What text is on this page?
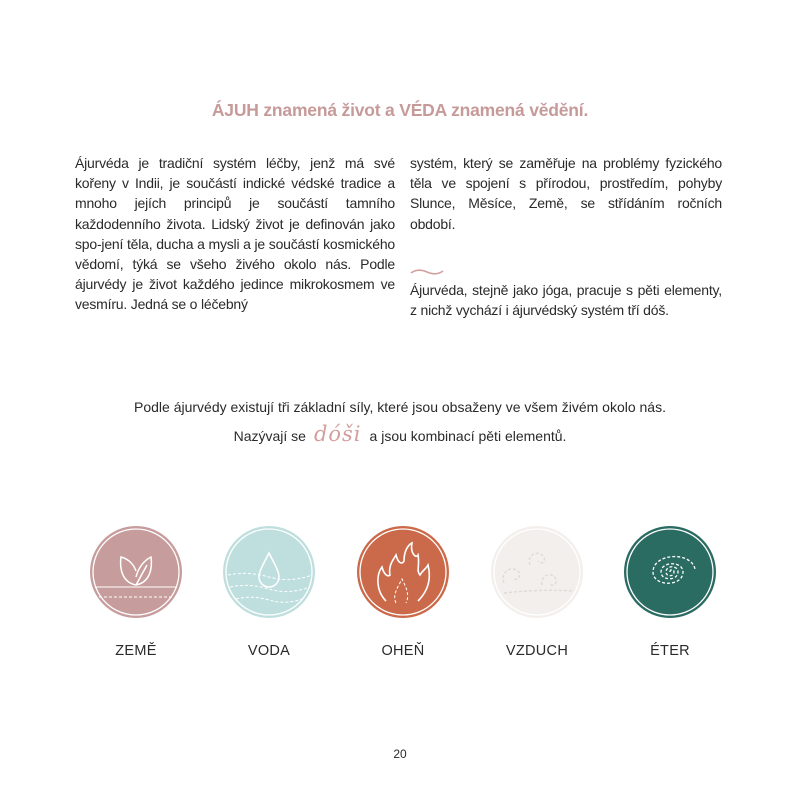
ÁJUH znamená život a VÉDA znamená vědění.

Ájurvéda je tradiční systém léčby, jenž má své kořeny v Indii, je součástí indické védské tradice a mnoho jejích principů je součástí tamního každodenního života. Lidský život je definován jako spo-jení těla, ducha a mysli a je součástí kosmického vědomí, týká se všeho živého okolo nás. Podle ájurvédy je život každého jedince mikrokosmem ve vesmíru. Jedná se o léčebný

systém, který se zaměřuje na problémy fyzického těla ve spojení s přírodou, prostředím, pohyby Slunce, Měsíce, Země, se střídáním ročních období.

Ájurvéda, stejně jako jóga, pracuje s pěti elementy, z nichž vychází i ájurvédský systém tří dóš.

Podle ájurvédy existují tři základní síly, které jsou obsaženy ve všem živém okolo nás.
Nazývají se dóši a jsou kombinací pěti elementů.
ZEMĚ	VODA	OHEŇ	VZDUCH	ÉTER
20
